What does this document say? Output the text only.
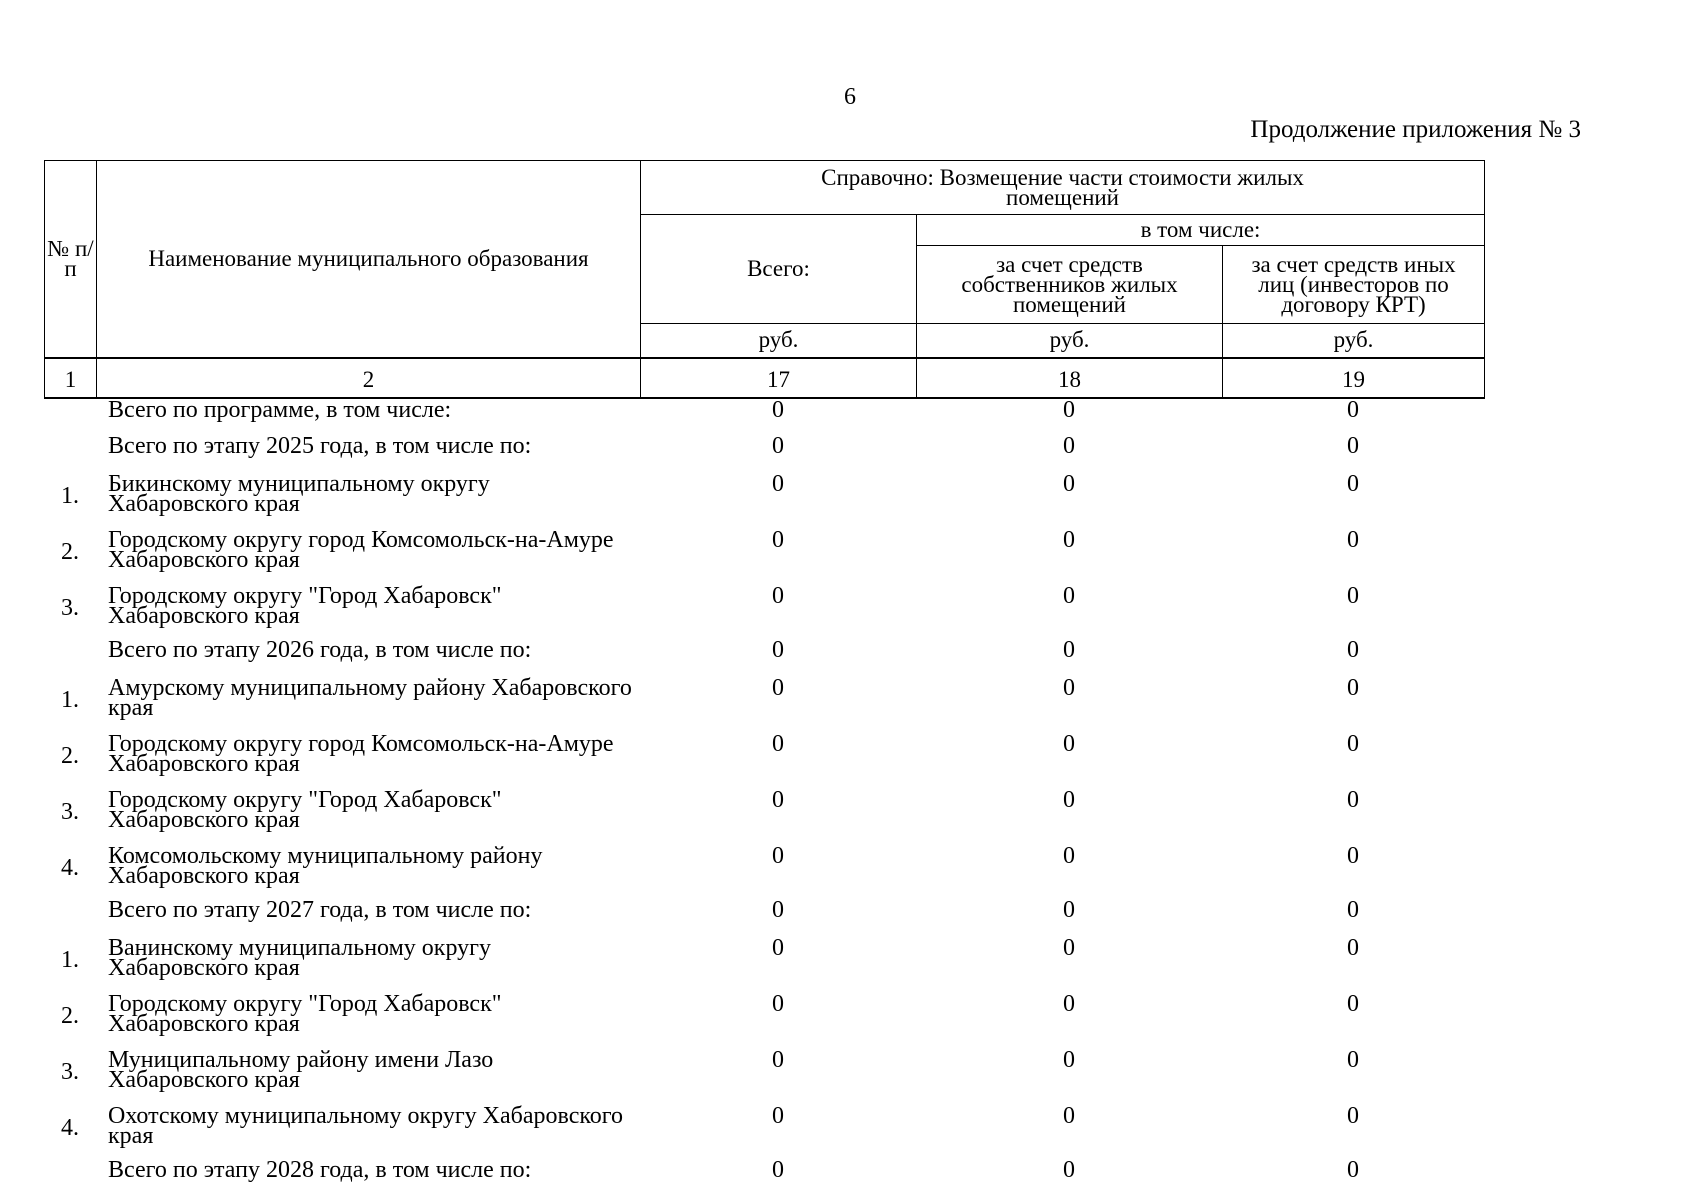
6
Продолжение приложения № 3
№ п/п	Наименование муниципального образования	Справочно: Возмещение части стоимости жилых помещений		
		Всего:	в том числе:	
			за счет средств собственников жилых помещений	за счет средств иных лиц (инвесторов по договору КРТ)
		руб.	руб.	руб.
1	2	17	18	19
	Всего по программе, в том числе:	0	0	0
	Всего по этапу 2025 года, в том числе по:	0	0	0
1.	Бикинскому муниципальному округу Хабаровского края	0	0	0
2.	Городскому округу город Комсомольск-на-Амуре Хабаровского края	0	0	0
3.	Городскому округу "Город Хабаровск" Хабаровского края	0	0	0
	Всего по этапу 2026 года, в том числе по:	0	0	0
1.	Амурскому муниципальному району Хабаровского края	0	0	0
2.	Городскому округу город Комсомольск-на-Амуре Хабаровского края	0	0	0
3.	Городскому округу "Город Хабаровск" Хабаровского края	0	0	0
4.	Комсомольскому муниципальному району Хабаровского края	0	0	0
	Всего по этапу 2027 года, в том числе по:	0	0	0
1.	Ванинскому муниципальному округу Хабаровского края	0	0	0
2.	Городскому округу "Город Хабаровск" Хабаровского края	0	0	0
3.	Муниципальному району имени Лазо Хабаровского края	0	0	0
4.	Охотскому муниципальному округу Хабаровского края	0	0	0
	Всего по этапу 2028 года, в том числе по:	0	0	0
